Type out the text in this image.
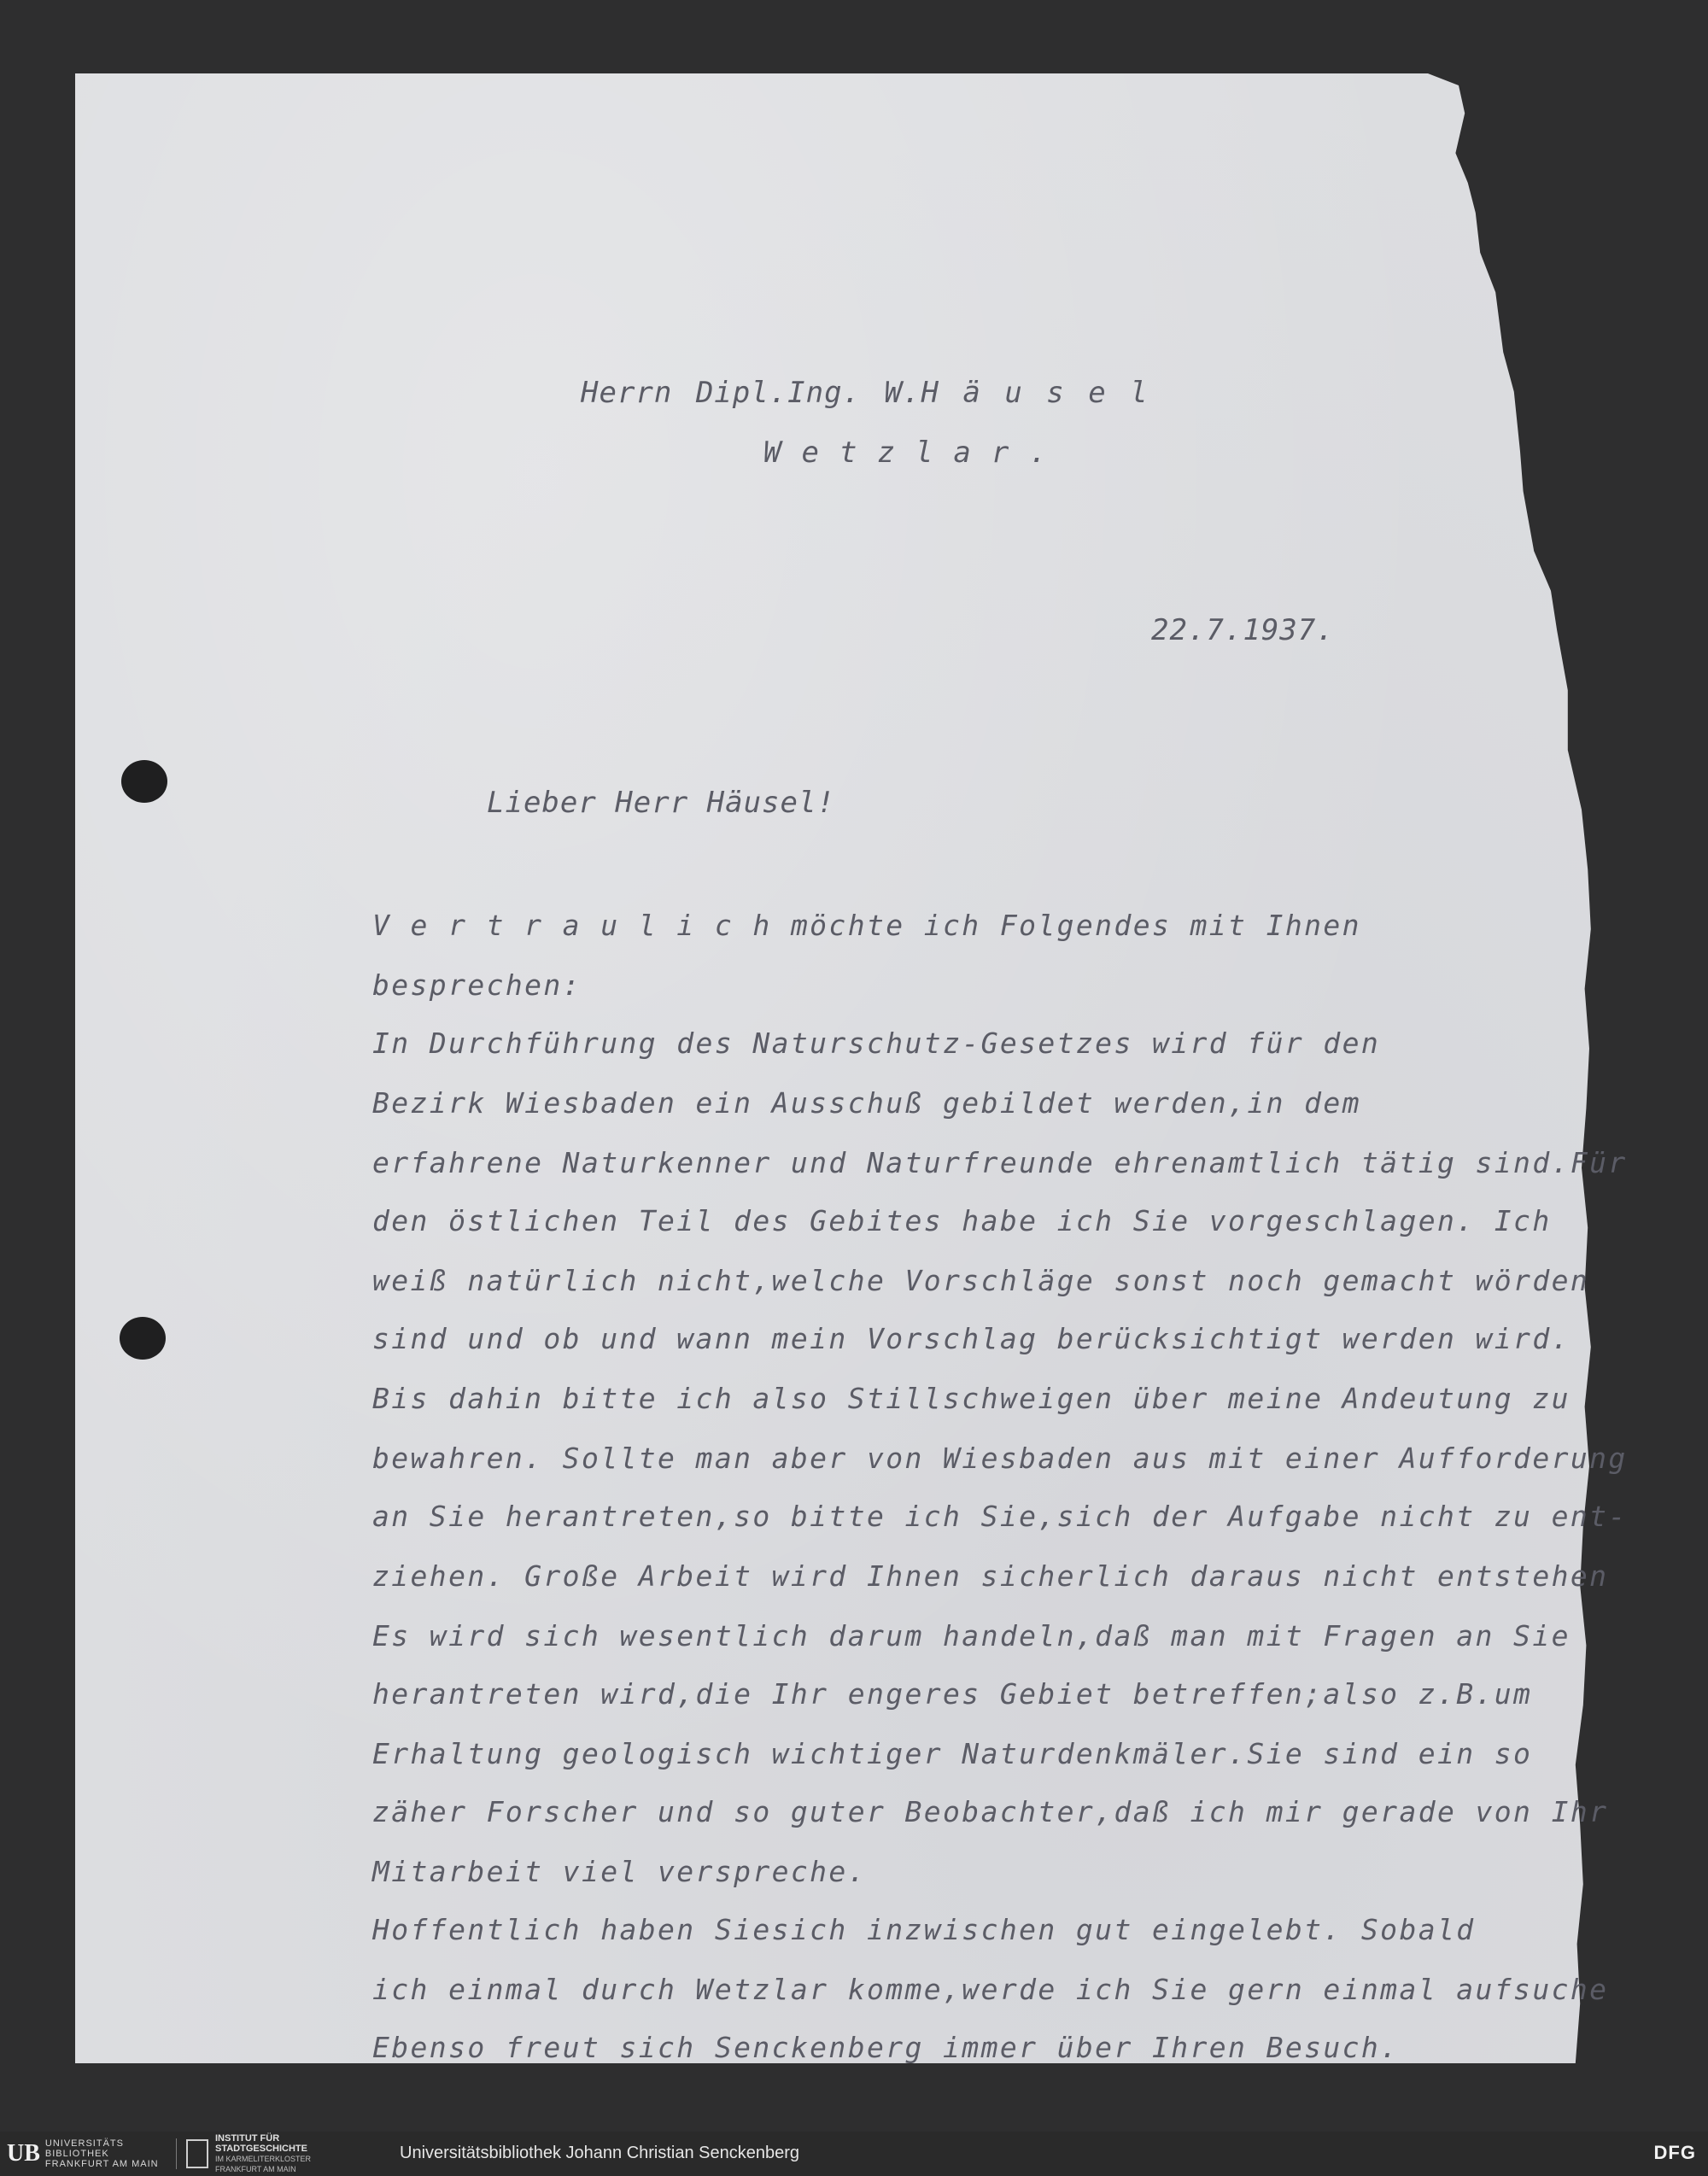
Herrn Dipl.Ing. W.H ä u s e l
Wetzlar.
22.7.1937.
Lieber Herr Häusel!
V e r t r a u l i c h möchte ich Folgendes mit Ihnen
besprechen:
In Durchführung des Naturschutz-Gesetzes wird für den
Bezirk Wiesbaden ein Ausschuß gebildet werden,in dem
erfahrene Naturkenner und Naturfreunde ehrenamtlich tätig sind.Für
den östlichen Teil des Gebites habe ich Sie vorgeschlagen. Ich
weiß natürlich nicht,welche Vorschläge sonst noch gemacht wörden
sind und ob und wann mein Vorschlag berücksichtigt werden wird.
Bis dahin bitte ich also Stillschweigen über meine Andeutung zu
bewahren. Sollte man aber von Wiesbaden aus mit einer Aufforderung
an Sie herantreten,so bitte ich Sie,sich der Aufgabe nicht zu ent-
ziehen. Große Arbeit wird Ihnen sicherlich daraus nicht entstehen
Es wird sich wesentlich darum handeln,daß man mit Fragen an Sie
herantreten wird,die Ihr engeres Gebiet betreffen;also z.B.um
Erhaltung geologisch wichtiger Naturdenkmäler.Sie sind ein so
zäher Forscher und so guter Beobachter,daß ich mir gerade von Ihr
Mitarbeit viel verspreche.
Hoffentlich haben Siesich inzwischen gut eingelebt. Sobald
ich einmal durch Wetzlar komme,werde ich Sie gern einmal aufsuche
Ebenso freut sich Senckenberg immer über Ihren Besuch.
UB UNIVERSITÄTS
BIBLIOTHEK
FRANKFURT AM MAIN
INSTITUT FÜR
STADTGESCHICHTE
IM KARMELITERKLOSTER
FRANKFURT AM MAIN
Universitätsbibliothek Johann Christian Senckenberg	DFG
